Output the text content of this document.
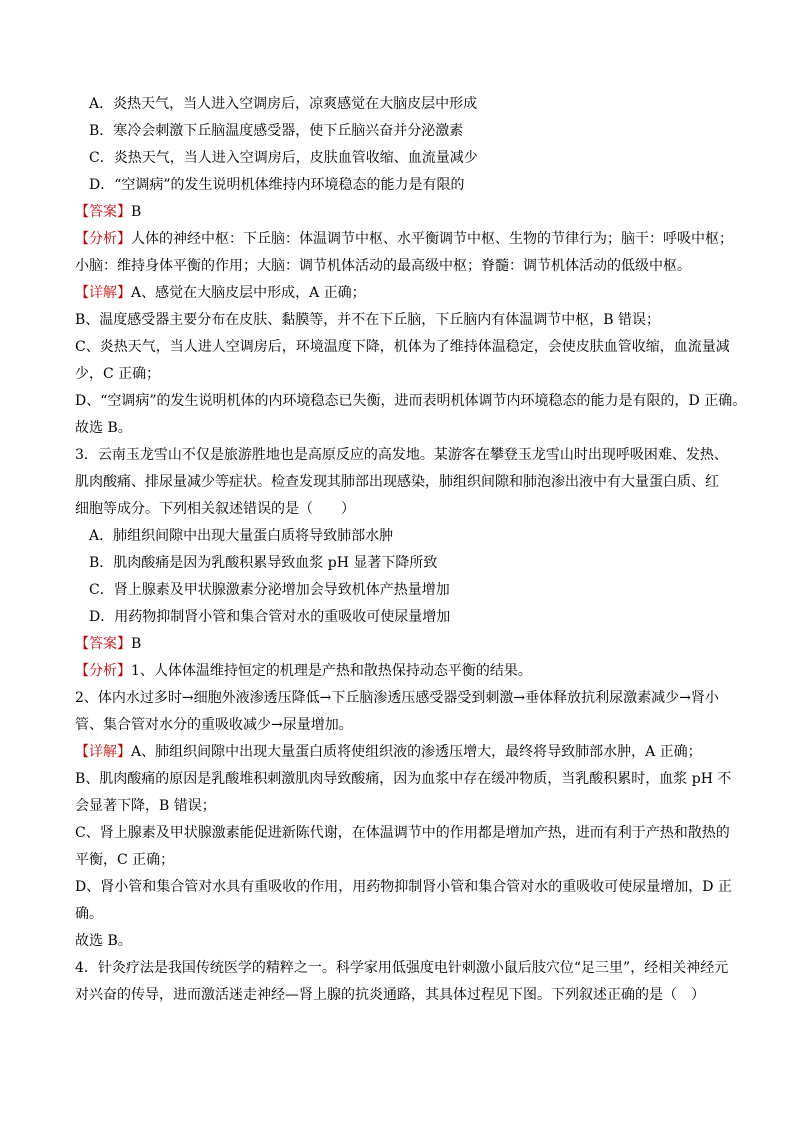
A．炎热天气，当人进入空调房后，凉爽感觉在大脑皮层中形成
B．寒冷会刺激下丘脑温度感受器，使下丘脑兴奋并分泌激素
C．炎热天气，当人进入空调房后，皮肤血管收缩、血流量减少
D．“空调病”的发生说明机体维持内环境稳态的能力是有限的
【答案】B
【分析】人体的神经中枢：下丘脑：体温调节中枢、水平衡调节中枢、生物的节律行为；脑干：呼吸中枢；
小脑：维持身体平衡的作用；大脑：调节机体活动的最高级中枢；脊髓：调节机体活动的低级中枢。
【详解】A、感觉在大脑皮层中形成，A 正确；
B、温度感受器主要分布在皮肤、黏膜等，并不在下丘脑，下丘脑内有体温调节中枢，B 错误；
C、炎热天气，当人进人空调房后，环境温度下降，机体为了维持体温稳定，会使皮肤血管收缩，血流量减
少，C 正确；
D、“空调病”的发生说明机体的内环境稳态已失衡，进而表明机体调节内环境稳态的能力是有限的，D 正确。
故选 B。
3．云南玉龙雪山不仅是旅游胜地也是高原反应的高发地。某游客在攀登玉龙雪山时出现呼吸困难、发热、
肌肉酸痛、排尿量减少等症状。检查发现其肺部出现感染，肺组织间隙和肺泡渗出液中有大量蛋白质、红
细胞等成分。下列相关叙述错误的是（　　）
A．肺组织间隙中出现大量蛋白质将导致肺部水肿
B．肌肉酸痛是因为乳酸积累导致血浆 pH 显著下降所致
C．肾上腺素及甲状腺激素分泌增加会导致机体产热量增加
D．用药物抑制肾小管和集合管对水的重吸收可使尿量增加
【答案】B
【分析】1、人体体温维持恒定的机理是产热和散热保持动态平衡的结果。
2、体内水过多时→细胞外液渗透压降低→下丘脑渗透压感受器受到刺激→垂体释放抗利尿激素减少→肾小
管、集合管对水分的重吸收减少→尿量增加。
【详解】A、肺组织间隙中出现大量蛋白质将使组织液的渗透压增大，最终将导致肺部水肿，A 正确；
B、肌肉酸痛的原因是乳酸堆积刺激肌肉导致酸痛，因为血浆中存在缓冲物质，当乳酸积累时，血浆 pH 不
会显著下降，B 错误；
C、肾上腺素及甲状腺激素能促进新陈代谢，在体温调节中的作用都是增加产热，进而有利于产热和散热的
平衡，C 正确；
D、肾小管和集合管对水具有重吸收的作用，用药物抑制肾小管和集合管对水的重吸收可使尿量增加，D 正
确。
故选 B。
4．针灸疗法是我国传统医学的精粹之一。科学家用低强度电针刺激小鼠后肢穴位“足三里”，经相关神经元
对兴奋的传导，进而激活迷走神经—肾上腺的抗炎通路，其具体过程见下图。下列叙述正确的是（　）
